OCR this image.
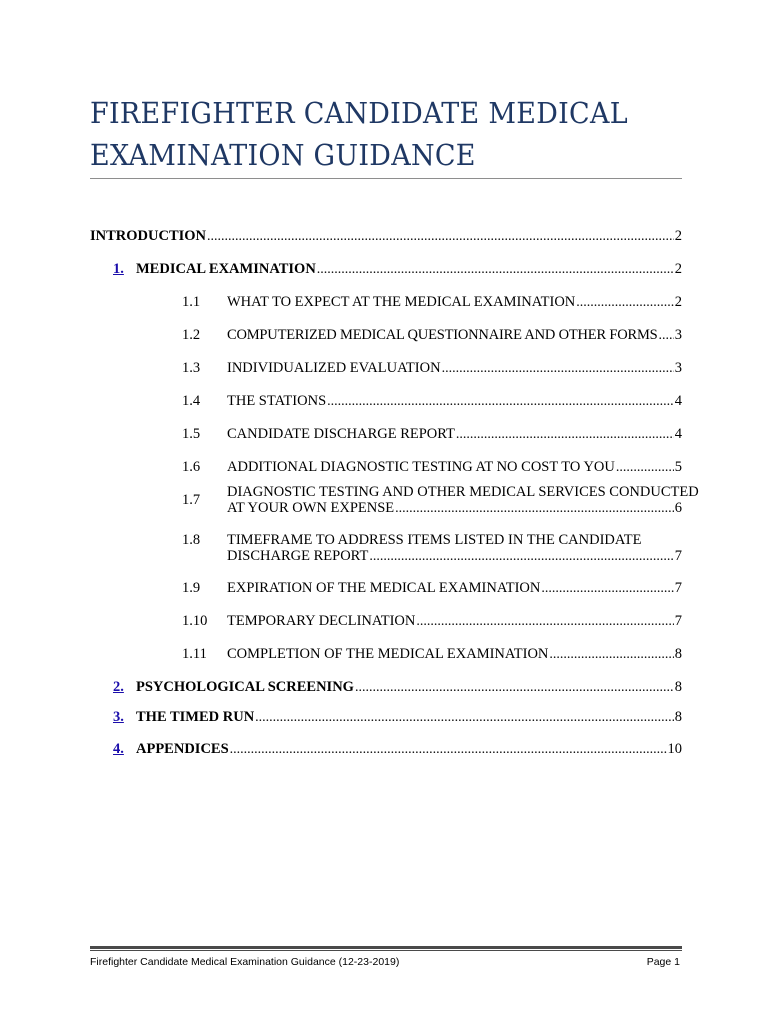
FIREFIGHTER CANDIDATE MEDICAL
EXAMINATION GUIDANCE
INTRODUCTION .....	2
1. MEDICAL EXAMINATION .....	2
1.1 WHAT TO EXPECT AT THE MEDICAL EXAMINATION .....	2
1.2 COMPUTERIZED MEDICAL QUESTIONNAIRE AND OTHER FORMS ..... 3
1.3 INDIVIDUALIZED EVALUATION .....	3
1.4 THE STATIONS .....	4
1.5 CANDIDATE DISCHARGE REPORT .....	4
1.6 ADDITIONAL DIAGNOSTIC TESTING AT NO COST TO YOU .....	5
1.7 DIAGNOSTIC TESTING AND OTHER MEDICAL SERVICES CONDUCTED
AT YOUR OWN EXPENSE .....	6
1.8 TIMEFRAME TO ADDRESS ITEMS LISTED IN THE CANDIDATE
DISCHARGE REPORT .....	7
1.9 EXPIRATION OF THE MEDICAL EXAMINATION .....	7
1.10 TEMPORARY DECLINATION .....	7
1.11 COMPLETION OF THE MEDICAL EXAMINATION .....	8
2. PSYCHOLOGICAL SCREENING .....	8
3. THE TIMED RUN .....	8
4. APPENDICES .....	10
Firefighter Candidate Medical Examination Guidance (12-23-2019)	Page 1
